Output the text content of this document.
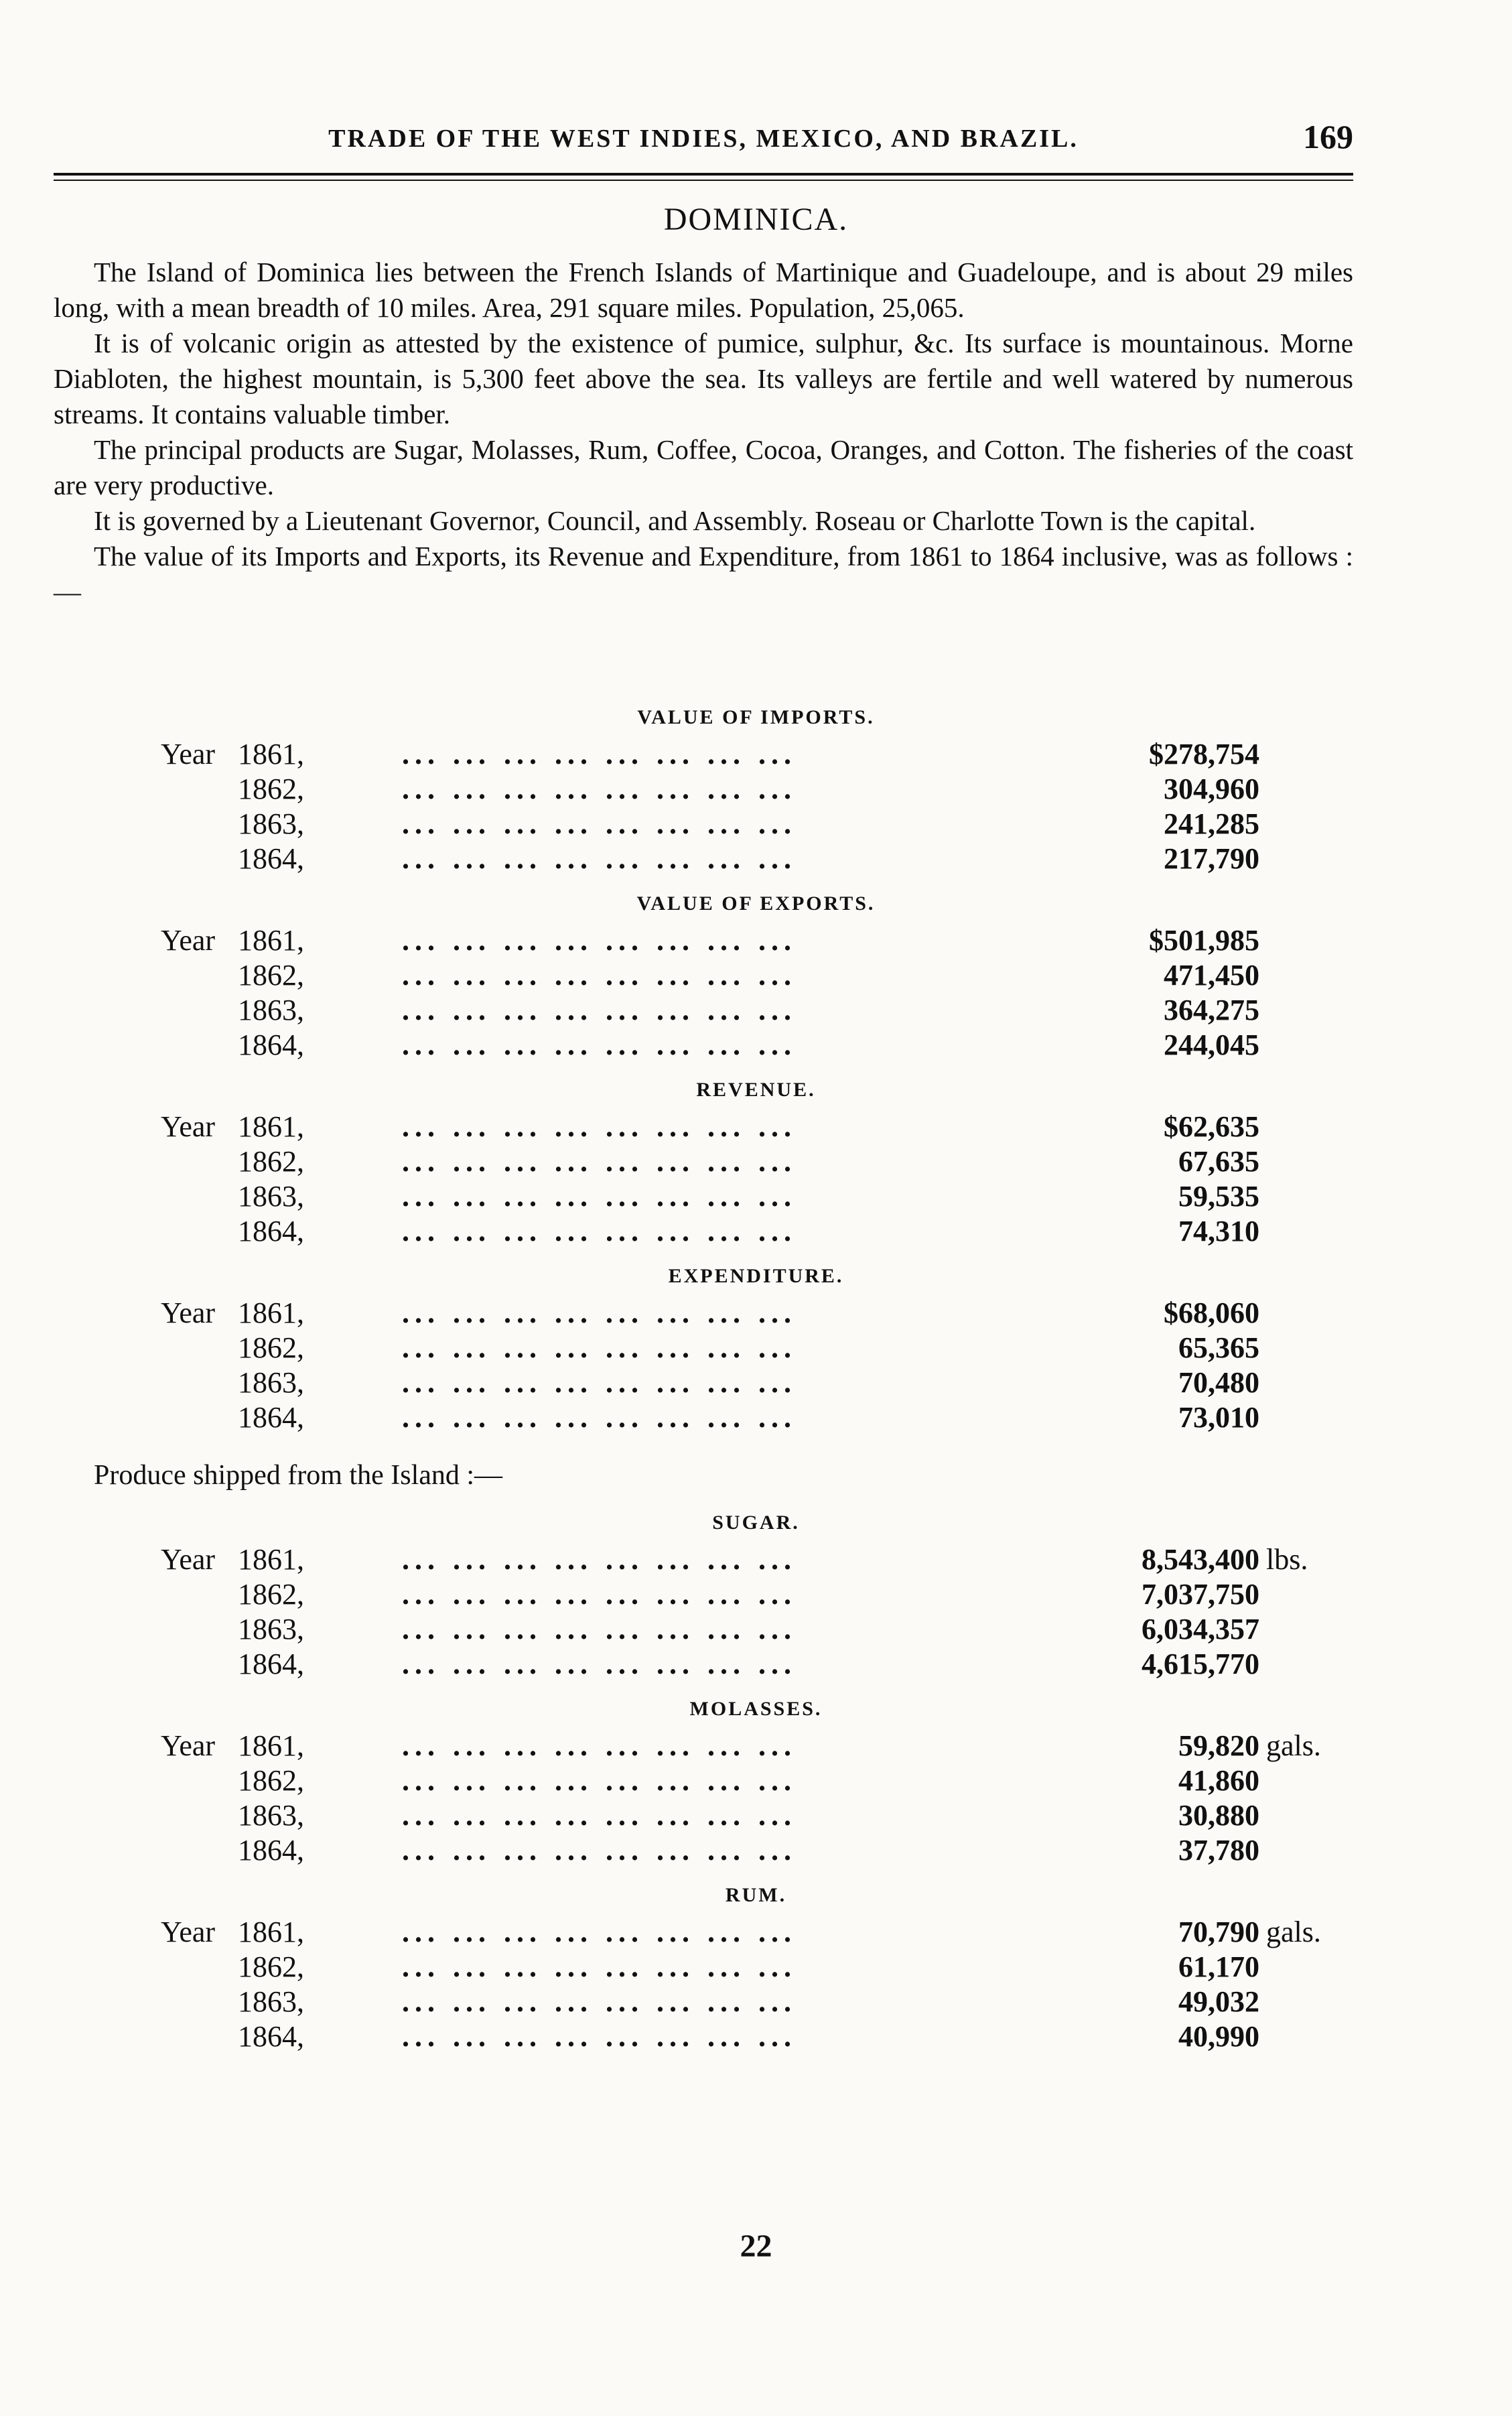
TRADE OF THE WEST INDIES, MEXICO, AND BRAZIL.	169
DOMINICA.

The Island of Dominica lies between the French Islands of Martinique and Guadeloupe, and is about 29 miles long, with a mean breadth of 10 miles. Area, 291 square miles. Population, 25,065.

It is of volcanic origin as attested by the existence of pumice, sulphur, &c. Its surface is mountainous. Morne Diabloten, the highest mountain, is 5,300 feet above the sea. Its valleys are fertile and well watered by numerous streams. It contains valuable timber.

The principal products are Sugar, Molasses, Rum, Coffee, Cocoa, Oranges, and Cotton. The fisheries of the coast are very productive.

It is governed by a Lieutenant Governor, Council, and Assembly. Roseau or Charlotte Town is the capital.

The value of its Imports and Exports, its Revenue and Expenditure, from 1861 to 1864 inclusive, was as follows :—

VALUE OF IMPORTS.
Year 1861,	... ... ... ... ... ... ... ...	$278,754
1862,	... ... ... ... ... ... ... ...	304,960
1863,	... ... ... ... ... ... ... ...	241,285
1864,	... ... ... ... ... ... ... ...	217,790
VALUE OF EXPORTS.
Year 1861,	... ... ... ... ... ... ... ...	$501,985
1862,	... ... ... ... ... ... ... ...	471,450
1863,	... ... ... ... ... ... ... ...	364,275
1864,	... ... ... ... ... ... ... ...	244,045
REVENUE.
Year 1861,	... ... ... ... ... ... ... ...	$62,635
1862,	... ... ... ... ... ... ... ...	67,635
1863,	... ... ... ... ... ... ... ...	59,535
1864,	... ... ... ... ... ... ... ...	74,310
EXPENDITURE.
Year 1861,	... ... ... ... ... ... ... ...	$68,060
1862,	... ... ... ... ... ... ... ...	65,365
1863,	... ... ... ... ... ... ... ...	70,480
1864,	... ... ... ... ... ... ... ...	73,010
Produce shipped from the Island :—
SUGAR.
Year 1861,	... ... ... ... ... ... ... ...	8,543,400 lbs.
1862,	... ... ... ... ... ... ... ...	7,037,750
1863,	... ... ... ... ... ... ... ...	6,034,357
1864,	... ... ... ... ... ... ... ...	4,615,770
MOLASSES.
Year 1861,	... ... ... ... ... ... ... ...	59,820 gals.
1862,	... ... ... ... ... ... ... ...	41,860
1863,	... ... ... ... ... ... ... ...	30,880
1864,	... ... ... ... ... ... ... ...	37,780
RUM.
Year 1861,	... ... ... ... ... ... ... ...	70,790 gals.
1862,	... ... ... ... ... ... ... ...	61,170
1863,	... ... ... ... ... ... ... ...	49,032
1864,	... ... ... ... ... ... ... ...	40,990
22
